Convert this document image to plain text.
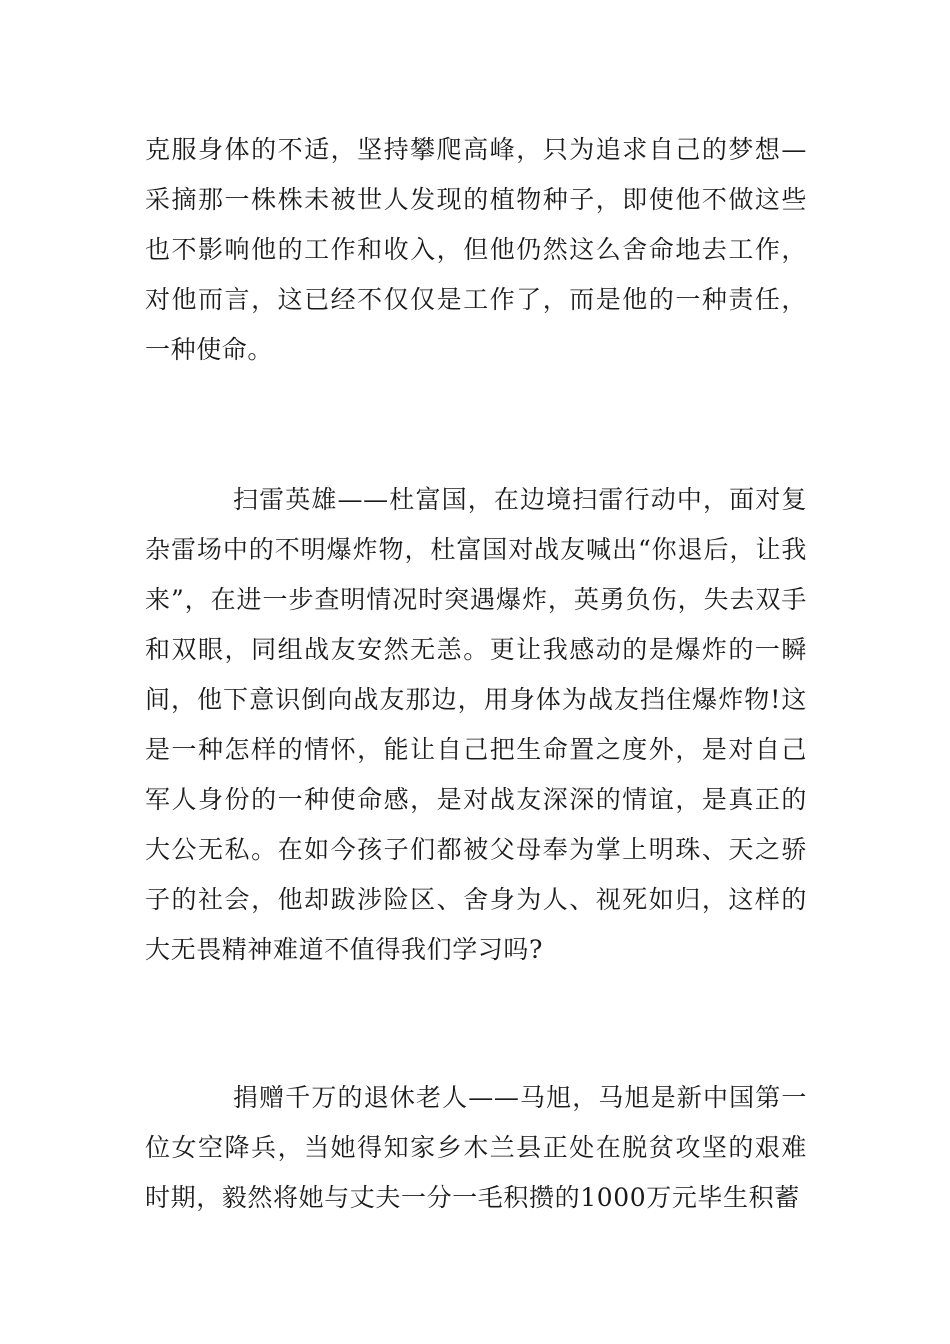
克服身体的不适，坚持攀爬高峰，只为追求自己的梦想—采摘那一株株未被世人发现的植物种子，即使他不做这些也不影响他的工作和收入，但他仍然这么舍命地去工作，对他而言，这已经不仅仅是工作了，而是他的一种责任，一种使命。

扫雷英雄——杜富国，在边境扫雷行动中，面对复杂雷场中的不明爆炸物，杜富国对战友喊出“你退后，让我来”，在进一步查明情况时突遇爆炸，英勇负伤，失去双手和双眼，同组战友安然无恙。更让我感动的是爆炸的一瞬间，他下意识倒向战友那边，用身体为战友挡住爆炸物!这是一种怎样的情怀，能让自己把生命置之度外，是对自己军人身份的一种使命感，是对战友深深的情谊，是真正的大公无私。在如今孩子们都被父母奉为掌上明珠、天之骄子的社会，他却跋涉险区、舍身为人、视死如归，这样的大无畏精神难道不值得我们学习吗?

捐赠千万的退休老人——马旭，马旭是新中国第一位女空降兵，当她得知家乡木兰县正处在脱贫攻坚的艰难时期，毅然将她与丈夫一分一毛积攒的1000万元毕生积蓄
